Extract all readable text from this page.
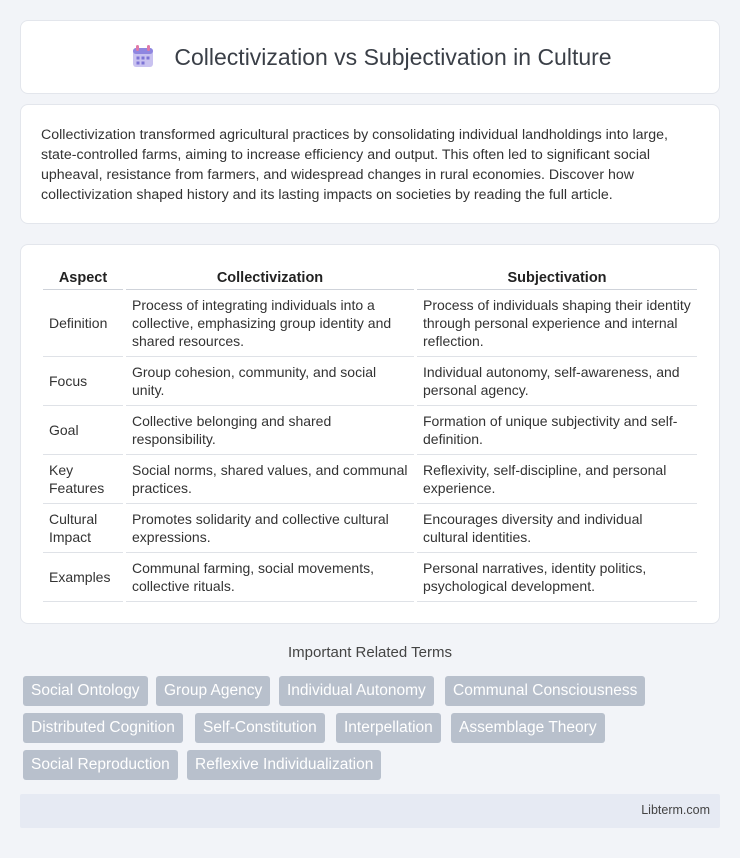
Collectivization vs Subjectivation in Culture

Collectivization transformed agricultural practices by consolidating individual landholdings into large, state-controlled farms, aiming to increase efficiency and output. This often led to significant social upheaval, resistance from farmers, and widespread changes in rural economies. Discover how collectivization shaped history and its lasting impacts on societies by reading the full article.

Aspect		Collectivization		Subjectivation
Definition		Process of integrating individuals into a collective, emphasizing group identity and shared resources.		Process of individuals shaping their identity through personal experience and internal reflection.
Focus		Group cohesion, community, and social unity.		Individual autonomy, self-awareness, and personal agency.
Goal		Collective belonging and shared responsibility.		Formation of unique subjectivity and self-definition.
Key Features		Social norms, shared values, and communal practices.		Reflexivity, self-discipline, and personal experience.
Cultural Impact		Promotes solidarity and collective cultural expressions.		Encourages diversity and individual cultural identities.
Examples		Communal farming, social movements, collective rituals.		Personal narratives, identity politics, psychological development.
Important Related Terms
Social Ontology	Group Agency	Individual Autonomy	Communal Consciousness
Distributed Cognition	Self-Constitution	Interpellation	Assemblage Theory
Social Reproduction	Reflexive Individualization
Libterm.com
